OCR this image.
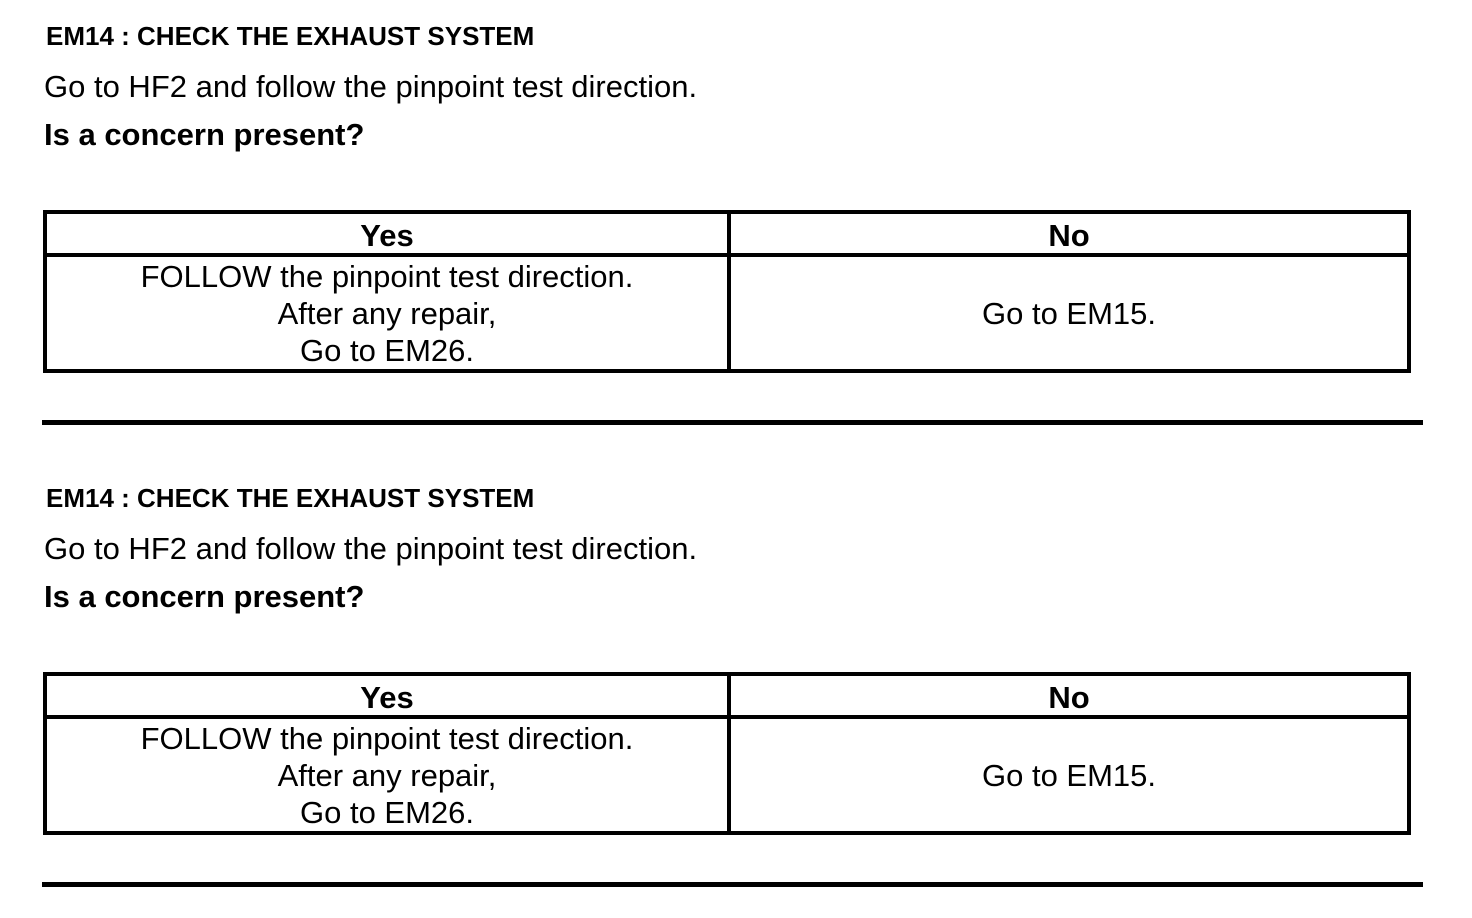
EM14 : CHECK THE EXHAUST SYSTEM
Go to HF2 and follow the pinpoint test direction.
Is a concern present?
Yes	No
FOLLOW the pinpoint test direction.
After any repair,
Go to EM26.
Go to EM15.
EM14 : CHECK THE EXHAUST SYSTEM
Go to HF2 and follow the pinpoint test direction.
Is a concern present?
Yes	No
FOLLOW the pinpoint test direction.
After any repair,
Go to EM26.
Go to EM15.
